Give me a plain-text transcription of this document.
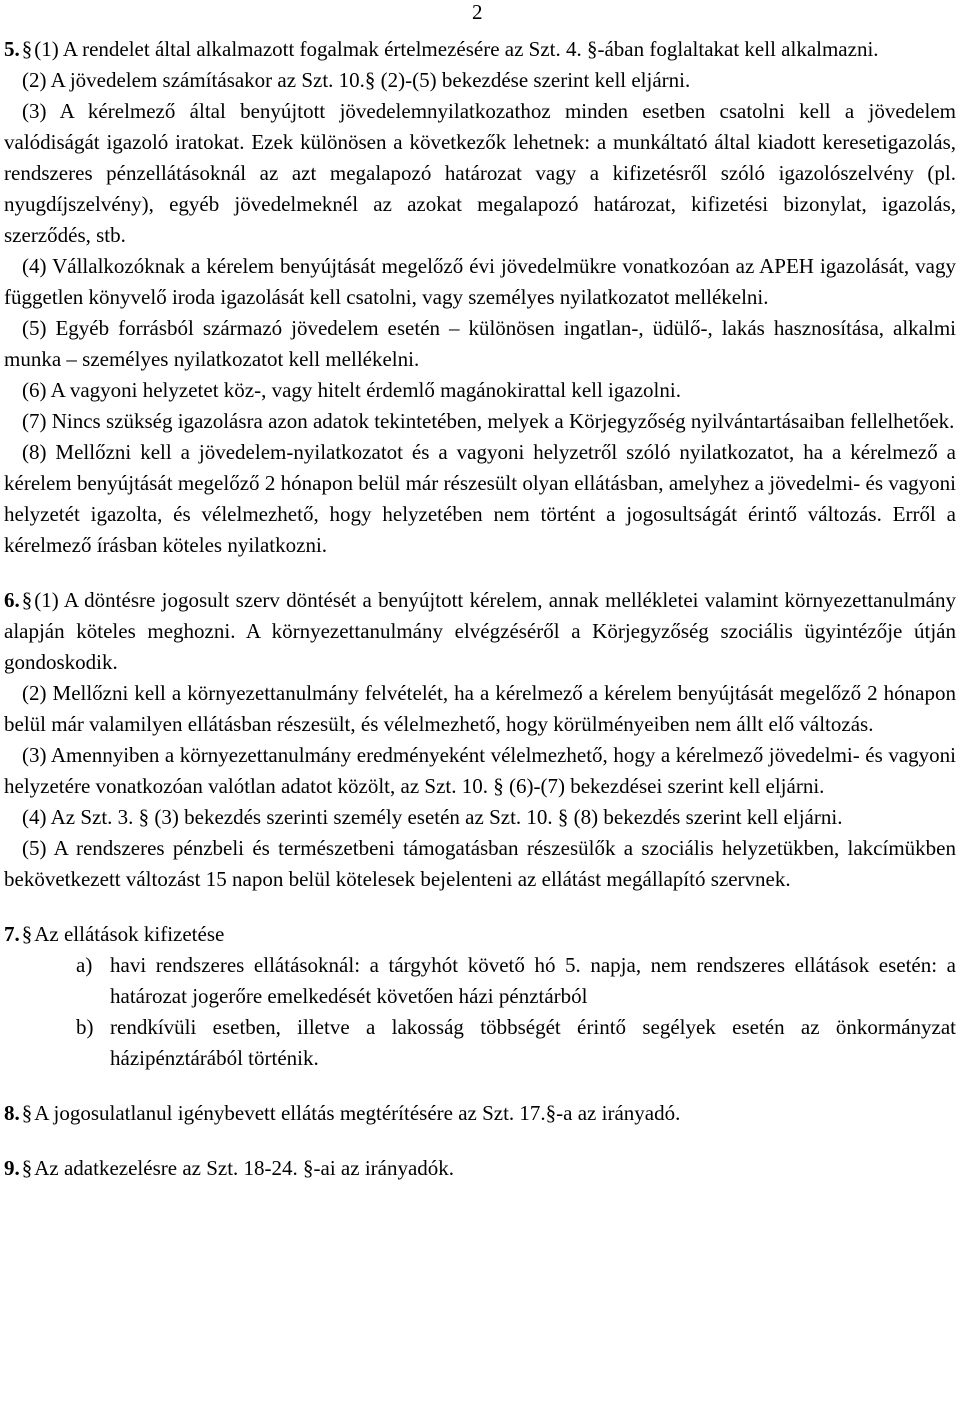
2

5.§(1) A rendelet által alkalmazott fogalmak értelmezésére az Szt. 4. §-ában foglaltakat kell alkalmazni.

(2) A jövedelem számításakor az Szt. 10.§ (2)-(5) bekezdése szerint kell eljárni.

(3) A kérelmező által benyújtott jövedelemnyilatkozathoz minden esetben csatolni kell a jövedelem valódiságát igazoló iratokat. Ezek különösen a következők lehetnek: a munkáltató által kiadott keresetigazolás, rendszeres pénzellátásoknál az azt megalapozó határozat vagy a kifizetésről szóló igazolószelvény (pl. nyugdíjszelvény), egyéb jövedelmeknél az azokat megalapozó határozat, kifizetési bizonylat, igazolás, szerződés, stb.

(4) Vállalkozóknak a kérelem benyújtását megelőző évi jövedelmükre vonatkozóan az APEH igazolását, vagy független könyvelő iroda igazolását kell csatolni, vagy személyes nyilatkozatot mellékelni.

(5) Egyéb forrásból származó jövedelem esetén – különösen ingatlan-, üdülő-, lakás hasznosítása, alkalmi munka – személyes nyilatkozatot kell mellékelni.

(6) A vagyoni helyzetet köz-, vagy hitelt érdemlő magánokirattal kell igazolni.

(7) Nincs szükség igazolásra azon adatok tekintetében, melyek a Körjegyzőség nyilvántartásaiban fellelhetőek.

(8) Mellőzni kell a jövedelem-nyilatkozatot és a vagyoni helyzetről szóló nyilatkozatot, ha a kérelmező a kérelem benyújtását megelőző 2 hónapon belül már részesült olyan ellátásban, amelyhez a jövedelmi- és vagyoni helyzetét igazolta, és vélelmezhető, hogy helyzetében nem történt a jogosultságát érintő változás. Erről a kérelmező írásban köteles nyilatkozni.

6.§(1) A döntésre jogosult szerv döntését a benyújtott kérelem, annak mellékletei valamint környezettanulmány alapján köteles meghozni. A környezettanulmány elvégzéséről a Körjegyzőség szociális ügyintézője útján gondoskodik.

(2) Mellőzni kell a környezettanulmány felvételét, ha a kérelmező a kérelem benyújtását megelőző 2 hónapon belül már valamilyen ellátásban részesült, és vélelmezhető, hogy körülményeiben nem állt elő változás.

(3) Amennyiben a környezettanulmány eredményeként vélelmezhető, hogy a kérelmező jövedelmi- és vagyoni helyzetére vonatkozóan valótlan adatot közölt, az Szt. 10. § (6)-(7) bekezdései szerint kell eljárni.

(4) Az Szt. 3. § (3) bekezdés szerinti személy esetén az Szt. 10. § (8) bekezdés szerint kell eljárni.

(5) A rendszeres pénzbeli és természetbeni támogatásban részesülők a szociális helyzetükben, lakcímükben bekövetkezett változást 15 napon belül kötelesek bejelenteni az ellátást megállapító szervnek.

7.§Az ellátások kifizetése

a) havi rendszeres ellátásoknál: a tárgyhót követő hó 5. napja, nem rendszeres ellátások esetén: a határozat jogerőre emelkedését követően házi pénztárból
b) rendkívüli esetben, illetve a lakosság többségét érintő segélyek esetén az önkormányzat házipénztárából történik.

8.§A jogosulatlanul igénybevett ellátás megtérítésére az Szt. 17.§-a az irányadó.

9.§Az adatkezelésre az Szt. 18-24. §-ai az irányadók.
